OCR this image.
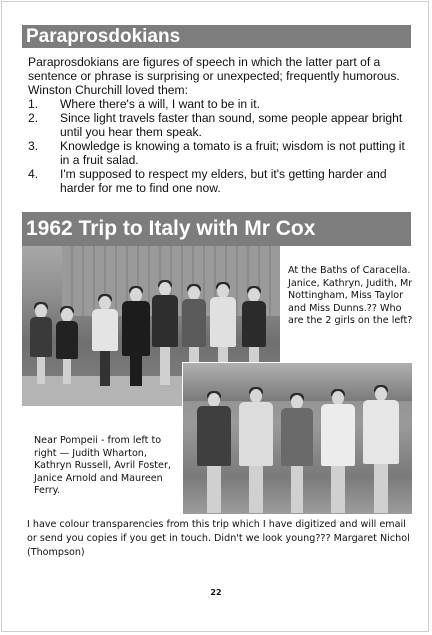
Paraprosdokians

Paraprosdokians are figures of speech in which the latter part of a sentence or phrase is surprising or unexpected; frequently humorous. Winston Churchill loved them:

1. Where there's a will, I want to be in it.
2. Since light travels faster than sound, some people appear bright until you hear them speak.
3. Knowledge is knowing a tomato is a fruit; wisdom is not putting it in a fruit salad.
4. I'm supposed to respect my elders, but it's getting harder and harder for me to find one now.
1962 Trip to Italy with Mr Cox
At the Baths of Caracella. Janice, Kathryn, Judith, Mr Nottingham, Miss Taylor and Miss Dunns.?? Who are the 2 girls on the left?
Near Pompeii - from left to right — Judith Wharton, Kathryn Russell, Avril Foster, Janice Arnold and Maureen Ferry.
I have colour transparencies from this trip which I have digitized and will email or send you copies if you get in touch. Didn't we look young??? Margaret Nichol (Thompson)
22
